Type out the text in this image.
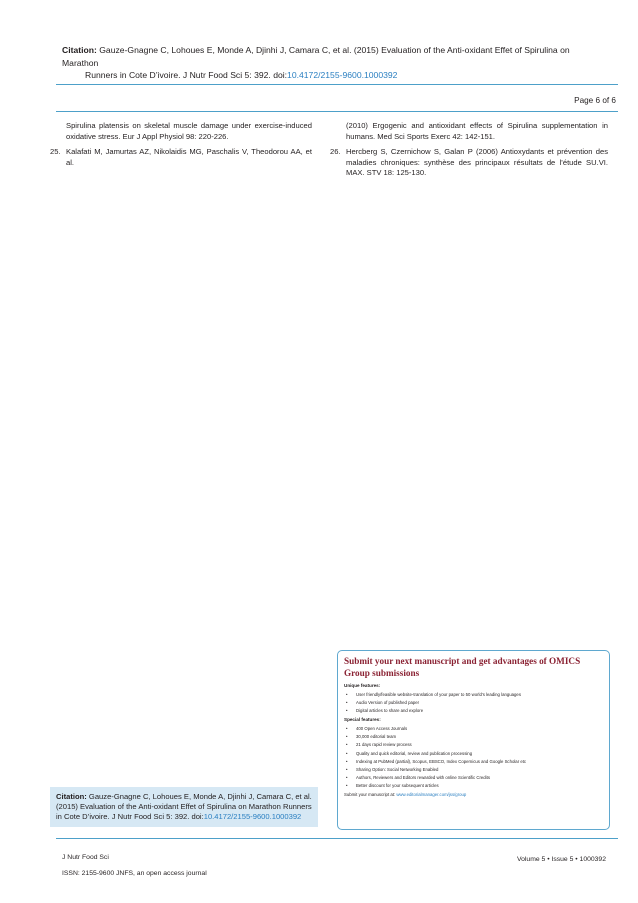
Citation: Gauze-Gnagne C, Lohoues E, Monde A, Djinhi J, Camara C, et al. (2015) Evaluation of the Anti-oxidant Effet of Spirulina on Marathon
Runners in Cote D’ivoire. J Nutr Food Sci 5: 392. doi:10.4172/2155-9600.1000392
Page 6 of 6
Spirulina platensis on skeletal muscle damage under exercise-induced oxidative stress. Eur J Appl Physiol 98: 220-226.
25. Kalafati M, Jamurtas AZ, Nikolaidis MG, Paschalis V, Theodorou AA, et al.
(2010) Ergogenic and antioxidant effects of Spirulina supplementation in humans. Med Sci Sports Exerc 42: 142-151.
26. Hercberg S, Czernichow S, Galan P (2006) Antioxydants et prévention des maladies chroniques: synthèse des principaux résultats de l’étude SU.VI. MAX. STV 18: 125-130.
Submit your next manuscript and get advantages of OMICS Group submissions
Unique features:
• User friendly/feasible website-translation of your paper to 50 world’s leading languages
• Audio Version of published paper
• Digital articles to share and explore
Special features:
• 400 Open Access Journals
• 30,000 editorial team
• 21 days rapid review process
• Quality and quick editorial, review and publication processing
• Indexing at PubMed (partial), Scopus, EBSCO, Index Copernicus and Google Scholar etc
• Sharing Option: Social Networking Enabled
• Authors, Reviewers and Editors rewarded with online Scientific Credits
• Better discount for your subsequent articles
Submit your manuscript at: www.editorialmanager.com/jss/group
Citation: Gauze-Gnagne C, Lohoues E, Monde A, Djinhi J, Camara C, et al. (2015) Evaluation of the Anti-oxidant Effet of Spirulina on Marathon Runners in Cote D’ivoire. J Nutr Food Sci 5: 392. doi:10.4172/2155-9600.1000392
J Nutr Food Sci
ISSN: 2155-9600 JNFS, an open access journal
Volume 5 • Issue 5 • 1000392
